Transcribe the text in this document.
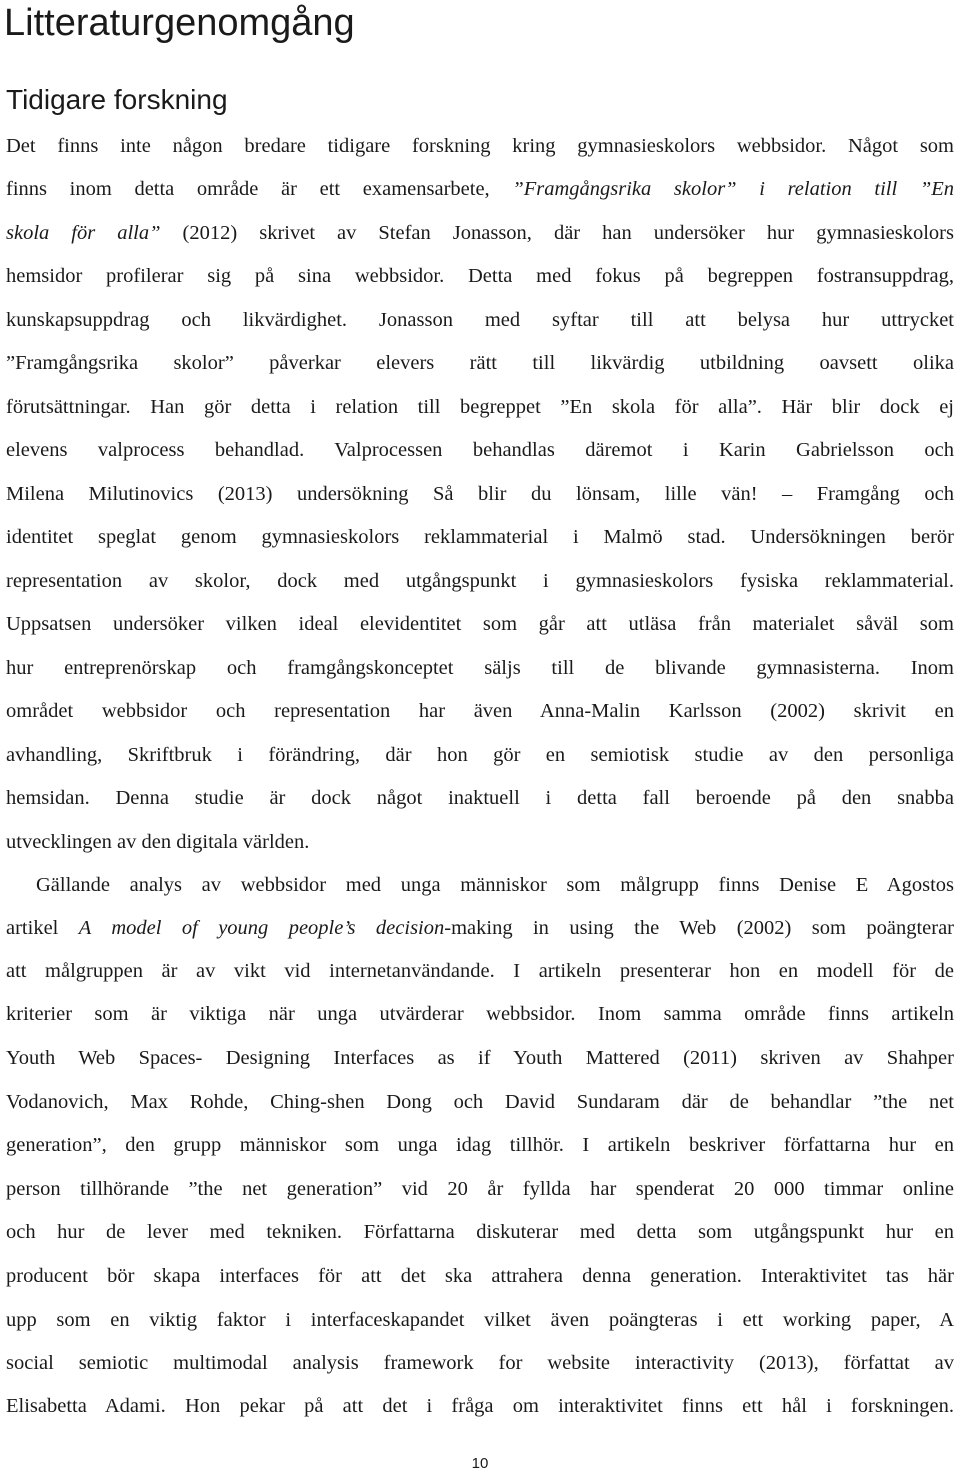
Litteraturgenomgång
Tidigare forskning
Det finns inte någon bredare tidigare forskning kring gymnasieskolors webbsidor. Något som
finns inom detta område är ett examensarbete, ”Framgångsrika skolor” i relation till ”En
skola för alla” (2012) skrivet av Stefan Jonasson, där han undersöker hur gymnasieskolors
hemsidor profilerar sig på sina webbsidor. Detta med fokus på begreppen fostransuppdrag,
kunskapsuppdrag och likvärdighet. Jonasson med syftar till att belysa hur uttrycket
”Framgångsrika skolor” påverkar elevers rätt till likvärdig utbildning oavsett olika
förutsättningar. Han gör detta i relation till begreppet ”En skola för alla”. Här blir dock ej
elevens valprocess behandlad. Valprocessen behandlas däremot i Karin Gabrielsson och
Milena Milutinovics (2013) undersökning Så blir du lönsam, lille vän! – Framgång och
identitet speglat genom gymnasieskolors reklammaterial i Malmö stad. Undersökningen berör
representation av skolor, dock med utgångspunkt i gymnasieskolors fysiska reklammaterial.
Uppsatsen undersöker vilken ideal elevidentitet som går att utläsa från materialet såväl som
hur entreprenörskap och framgångskonceptet säljs till de blivande gymnasisterna. Inom
området webbsidor och representation har även Anna-Malin Karlsson (2002) skrivit en
avhandling, Skriftbruk i förändring, där hon gör en semiotisk studie av den personliga
hemsidan. Denna studie är dock något inaktuell i detta fall beroende på den snabba
utvecklingen av den digitala världen.
Gällande analys av webbsidor med unga människor som målgrupp finns Denise E Agostos
artikel A model of young people’s decision-making in using the Web (2002) som poängterar
att målgruppen är av vikt vid internetanvändande. I artikeln presenterar hon en modell för de
kriterier som är viktiga när unga utvärderar webbsidor. Inom samma område finns artikeln
Youth Web Spaces- Designing Interfaces as if Youth Mattered (2011) skriven av Shahper
Vodanovich, Max Rohde, Ching-shen Dong och David Sundaram där de behandlar ”the net
generation”, den grupp människor som unga idag tillhör. I artikeln beskriver författarna hur en
person tillhörande ”the net generation” vid 20 år fyllda har spenderat 20 000 timmar online
och hur de lever med tekniken. Författarna diskuterar med detta som utgångspunkt hur en
producent bör skapa interfaces för att det ska attrahera denna generation. Interaktivitet tas här
upp som en viktig faktor i interfaceskapandet vilket även poängteras i ett working paper, A
social semiotic multimodal analysis framework for website interactivity (2013), författat av
Elisabetta Adami. Hon pekar på att det i fråga om interaktivitet finns ett hål i forskningen.
10
